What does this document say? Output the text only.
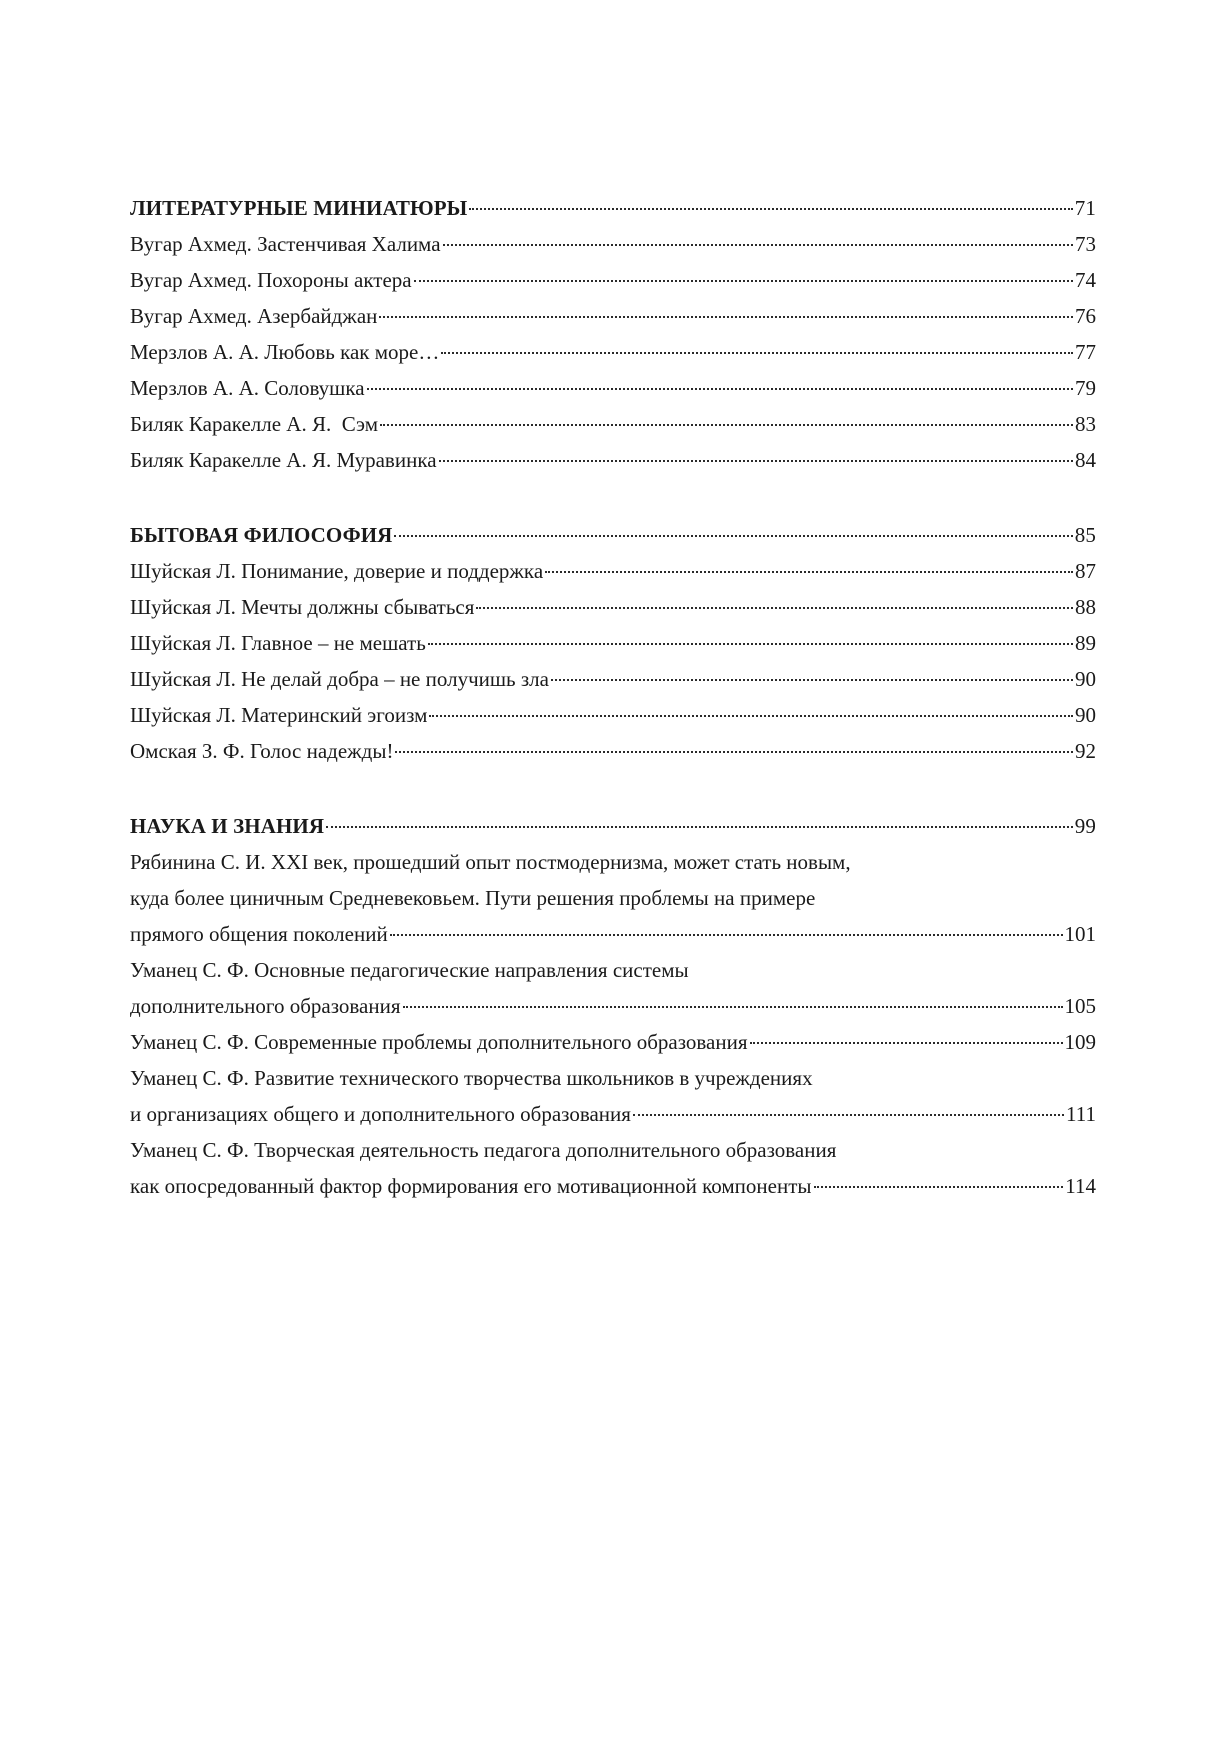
ЛИТЕРАТУРНЫЕ МИНИАТЮРЫ	71
Вугар Ахмед. Застенчивая Халима	73
Вугар Ахмед. Похороны актера	74
Вугар Ахмед. Азербайджан	76
Мерзлов А. А. Любовь как море…	77
Мерзлов А. А. Соловушка	79
Биляк Каракелле А. Я.  Сэм	83
Биляк Каракелле А. Я. Муравинка	84
БЫТОВАЯ ФИЛОСОФИЯ	85
Шуйская Л. Понимание, доверие и поддержка	87
Шуйская Л. Мечты должны сбываться	88
Шуйская Л. Главное – не мешать	89
Шуйская Л. Не делай добра – не получишь зла	90
Шуйская Л. Материнский эгоизм	90
Омская З. Ф. Голос надежды!	92
НАУКА И ЗНАНИЯ	99
Рябинина С. И. XXI век, прошедший опыт постмодернизма, может стать новым,
куда более циничным Средневековьем. Пути решения проблемы на примере
прямого общения поколений	101
Уманец С. Ф. Основные педагогические направления системы
дополнительного образования	105
Уманец С. Ф. Современные проблемы дополнительного образования	109
Уманец С. Ф. Развитие технического творчества школьников в учреждениях
и организациях общего и дополнительного образования	111
Уманец С. Ф. Творческая деятельность педагога дополнительного образования
как опосредованный фактор формирования его мотивационной компоненты	114
